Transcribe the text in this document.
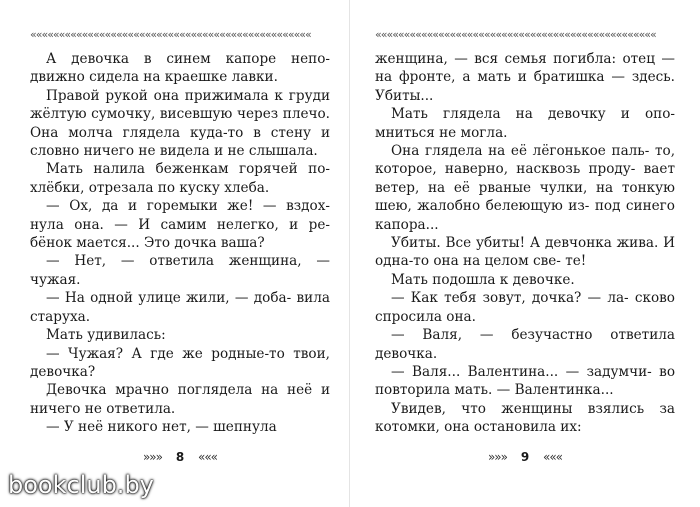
«««««««««««««««««««««««««««««««««««««««««««««««««

А девочка в синем капоре непо- движно сидела на краешке лавки.

Правой рукой она прижимала к груди жёлтую сумочку, висевшую через плечо. Она молча глядела куда-то в стену и словно ничего не видела и не слышала.

Мать налила беженкам горячей по- хлёбки, отрезала по куску хлеба.

— Ох, да и горемыки же! — вздох- нула она. — И самим нелегко, и ре- бёнок мается... Это дочка ваша?

— Нет, — ответила женщина, — чужая.

— На одной улице жили, — доба- вила старуха.

Мать удивилась:

— Чужая? А где же родные-то твои, девочка?

Девочка мрачно поглядела на неё и ничего не ответила.

— У неё никого нет, — шепнула

»»» 8 «««
«««««««««««««««««««««««««««««««««««««««««««««««««

женщина, — вся семья погибла: отец — на фронте, а мать и братишка — здесь. Убиты...

Мать глядела на девочку и опо- мниться не могла.

Она глядела на её лёгонькое паль- то, которое, наверно, насквозь проду- вает ветер, на её рваные чулки, на тонкую шею, жалобно белеющую из- под синего капора...

Убиты. Все убиты! А девчонка жива. И одна-то она на целом све- те!

Мать подошла к девочке.

— Как тебя зовут, дочка? — ла- сково спросила она.

— Валя, — безучастно ответила девочка.

— Валя... Валентина... — задумчи- во повторила мать. — Валентинка...

Увидев, что женщины взялись за котомки, она остановила их:

»»» 9 «««
bookclub.by
